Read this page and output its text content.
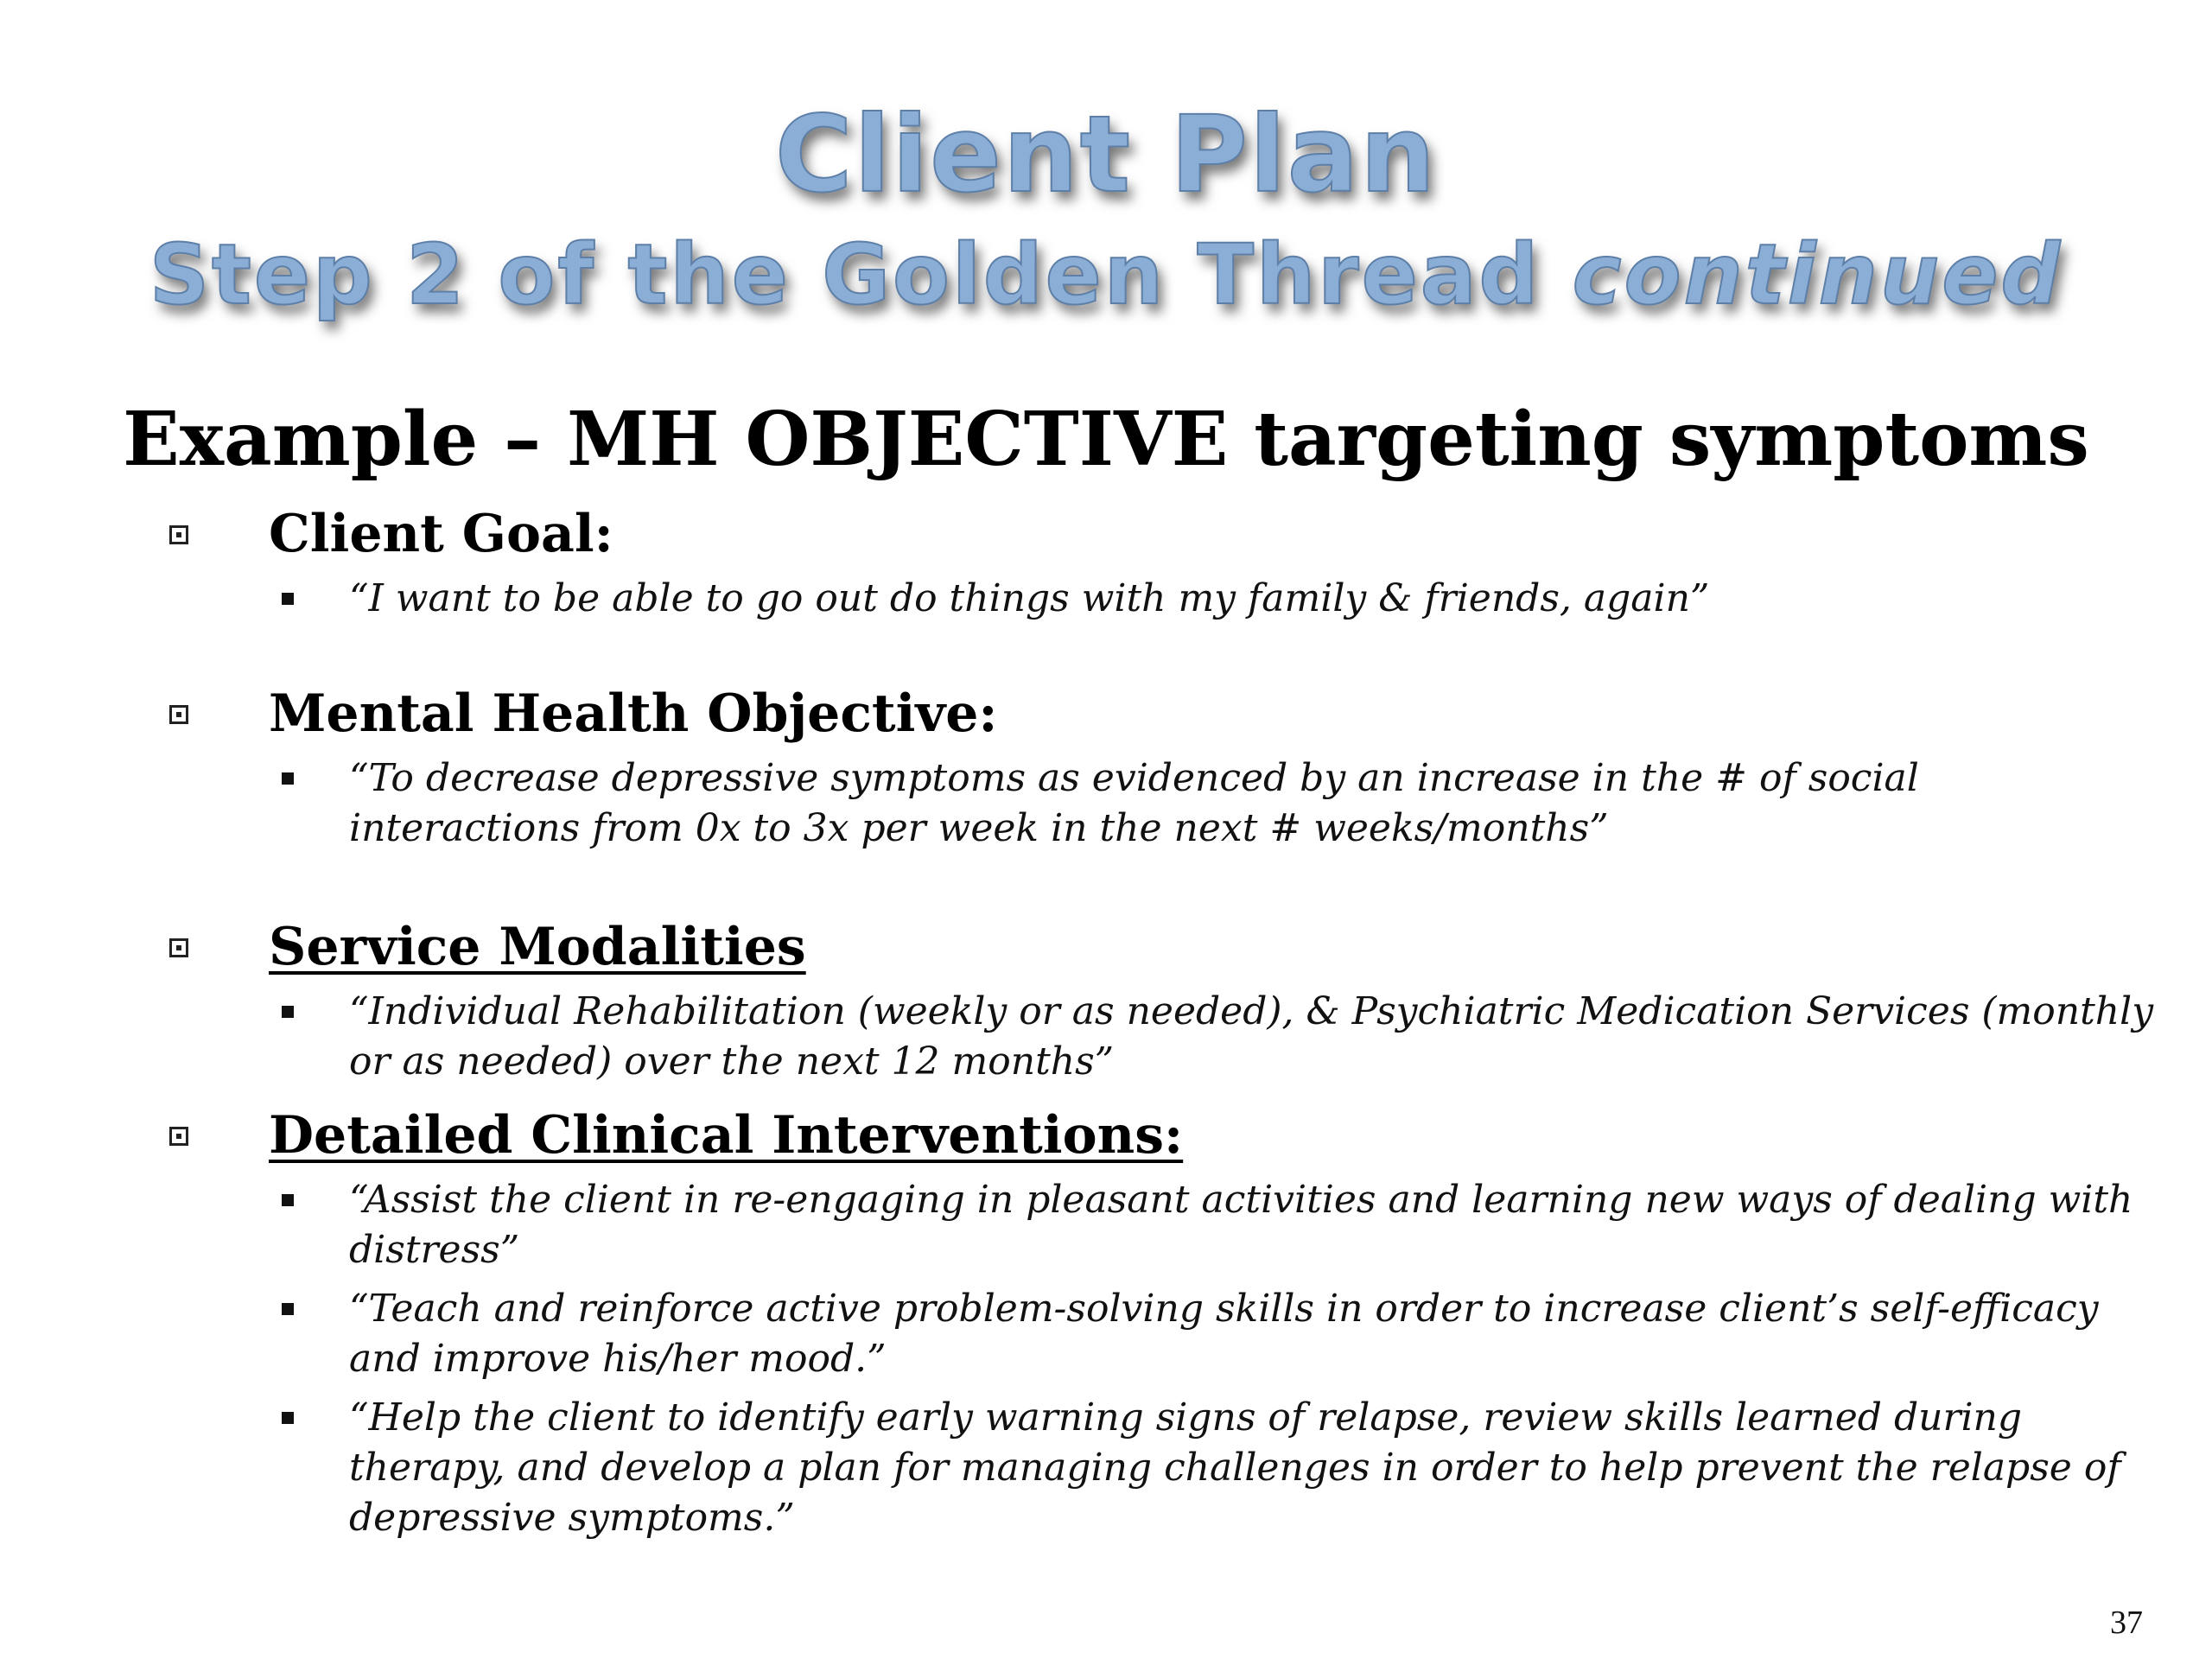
Client Plan
Step 2 of the Golden Thread continued
Example – MH OBJECTIVE targeting symptoms
Client Goal:
“I want to be able to go out do things with my family & friends, again”
Mental Health Objective:
“To decrease depressive symptoms as evidenced by an increase in the # of social interactions from 0x to 3x per week in the next # weeks/months”
Service Modalities
“Individual Rehabilitation (weekly or as needed), & Psychiatric Medication Services (monthly or as needed) over the next 12 months”
Detailed Clinical Interventions:
“Assist the client in re-engaging in pleasant activities and learning new ways of dealing with distress”
“Teach and reinforce active problem-solving skills in order to increase client’s self-efficacy and improve his/her mood.”
“Help the client to identify early warning signs of relapse, review skills learned during therapy, and develop a plan for managing challenges in order to help prevent the relapse of depressive symptoms.”
37
